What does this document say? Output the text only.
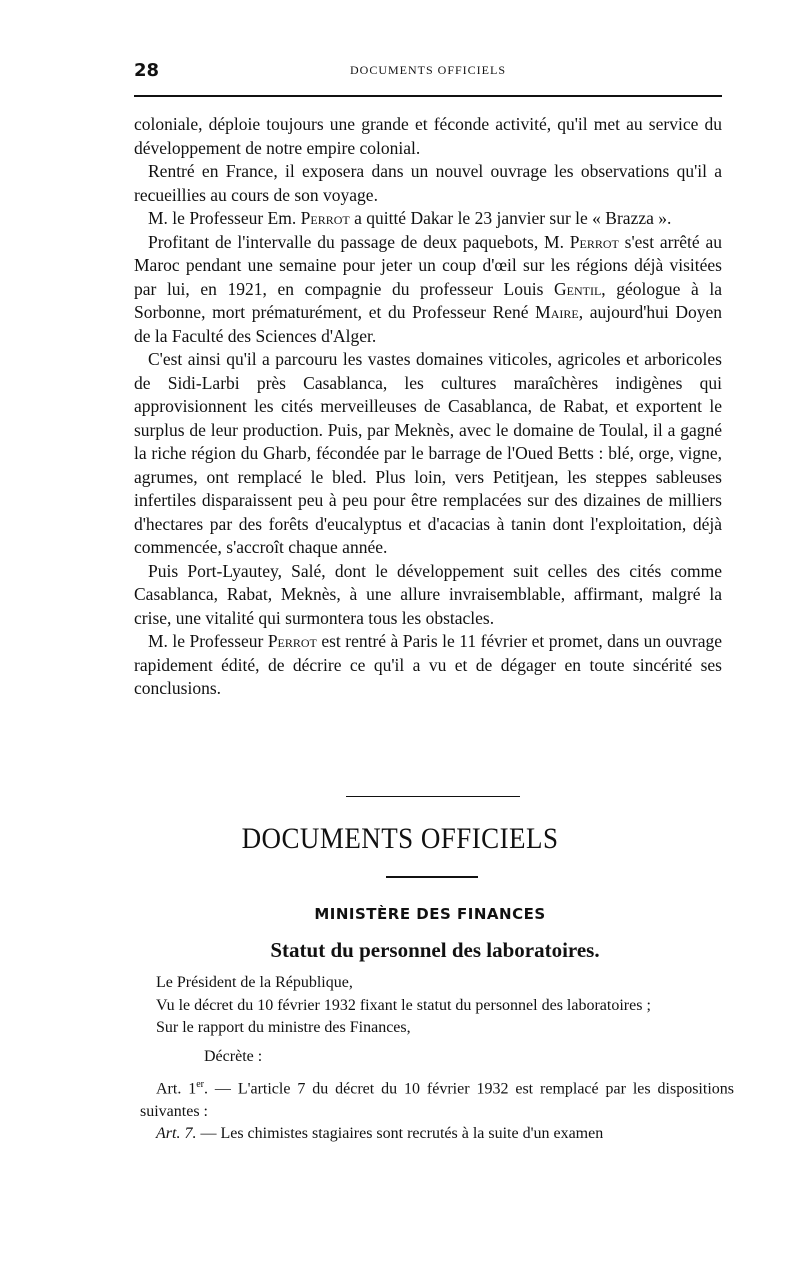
28	DOCUMENTS OFFICIELS

coloniale, déploie toujours une grande et féconde activité, qu'il met au service du développement de notre empire colonial.

Rentré en France, il exposera dans un nouvel ouvrage les observations qu'il a recueillies au cours de son voyage.

M. le Professeur Em. Perrot a quitté Dakar le 23 janvier sur le « Brazza ».

Profitant de l'intervalle du passage de deux paquebots, M. Perrot s'est arrêté au Maroc pendant une semaine pour jeter un coup d'œil sur les régions déjà visitées par lui, en 1921, en compagnie du professeur Louis Gentil, géologue à la Sorbonne, mort prématurément, et du Professeur René Maire, aujourd'hui Doyen de la Faculté des Sciences d'Alger.

C'est ainsi qu'il a parcouru les vastes domaines viticoles, agricoles et arboricoles de Sidi-Larbi près Casablanca, les cultures maraîchères indigènes qui approvisionnent les cités merveilleuses de Casablanca, de Rabat, et exportent le surplus de leur production. Puis, par Meknès, avec le domaine de Toulal, il a gagné la riche région du Gharb, fécondée par le barrage de l'Oued Betts : blé, orge, vigne, agrumes, ont remplacé le bled. Plus loin, vers Petitjean, les steppes sableuses infertiles disparaissent peu à peu pour être remplacées sur des dizaines de milliers d'hectares par des forêts d'eucalyptus et d'acacias à tanin dont l'exploitation, déjà commencée, s'accroît chaque année.

Puis Port-Lyautey, Salé, dont le développement suit celles des cités comme Casablanca, Rabat, Meknès, à une allure invraisemblable, affirmant, malgré la crise, une vitalité qui surmontera tous les obstacles.

M. le Professeur Perrot est rentré à Paris le 11 février et promet, dans un ouvrage rapidement édité, de décrire ce qu'il a vu et de dégager en toute sincérité ses conclusions.

DOCUMENTS OFFICIELS
MINISTÈRE DES FINANCES
Statut du personnel des laboratoires.

Le Président de la République,

Vu le décret du 10 février 1932 fixant le statut du personnel des laboratoires ;

Sur le rapport du ministre des Finances,

Décrète :

Art. 1er. — L'article 7 du décret du 10 février 1932 est remplacé par les dispositions suivantes :

Art. 7. — Les chimistes stagiaires sont recrutés à la suite d'un examen
